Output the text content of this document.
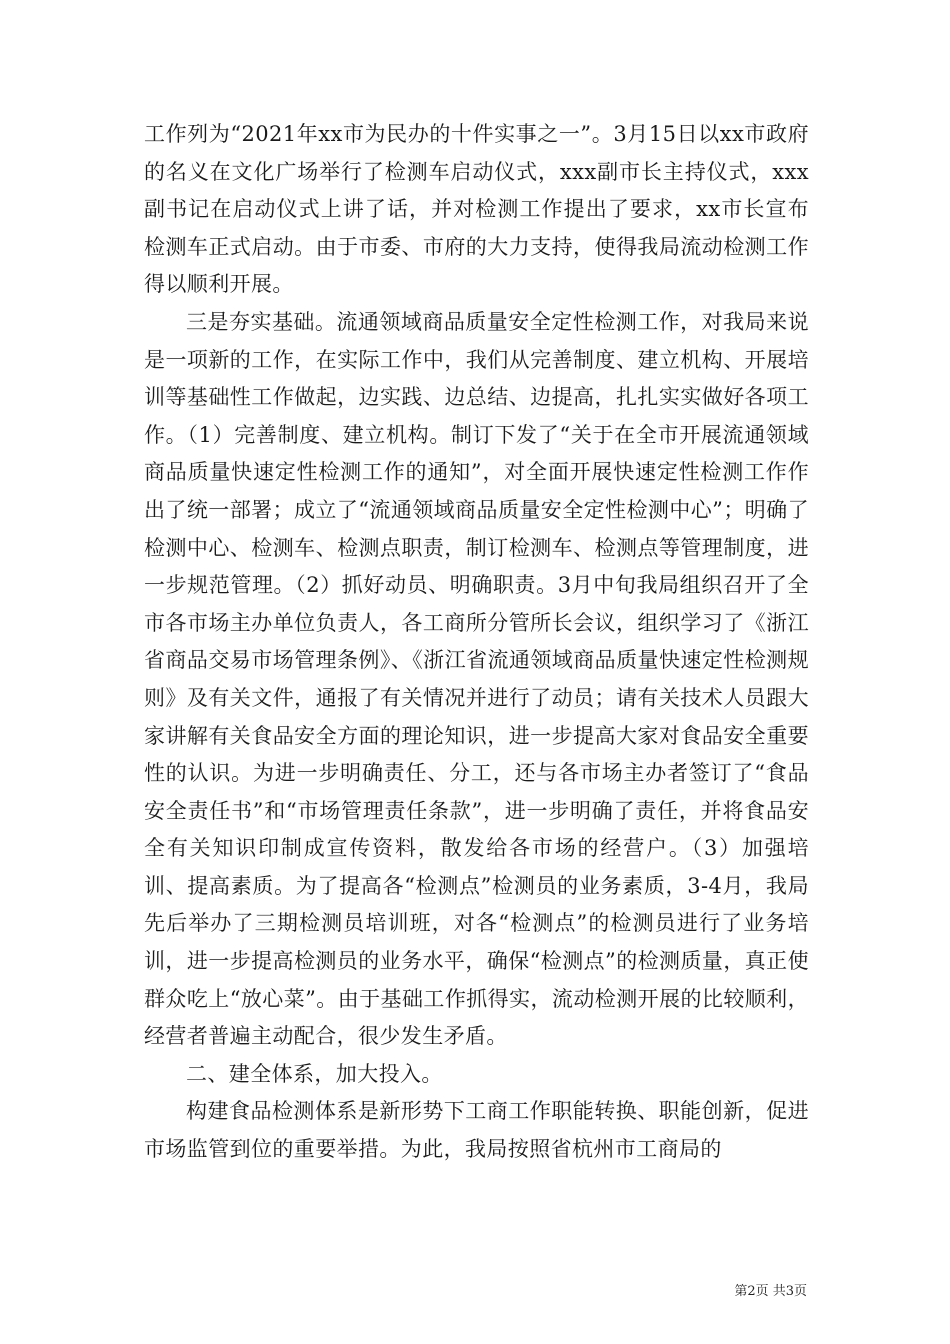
工作列为“2021年xx市为民办的十件实事之一”。3月15日以xx市政府的名义在文化广场举行了检测车启动仪式，xxx副市长主持仪式，xxx副书记在启动仪式上讲了话，并对检测工作提出了要求，xx市长宣布检测车正式启动。由于市委、市府的大力支持，使得我局流动检测工作得以顺利开展。

三是夯实基础。流通领域商品质量安全定性检测工作，对我局来说是一项新的工作，在实际工作中，我们从完善制度、建立机构、开展培训等基础性工作做起，边实践、边总结、边提高，扎扎实实做好各项工作。（1）完善制度、建立机构。制订下发了“关于在全市开展流通领域商品质量快速定性检测工作的通知”，对全面开展快速定性检测工作作出了统一部署；成立了“流通领域商品质量安全定性检测中心”；明确了检测中心、检测车、检测点职责，制订检测车、检测点等管理制度，进一步规范管理。（2）抓好动员、明确职责。3月中旬我局组织召开了全市各市场主办单位负责人，各工商所分管所长会议，组织学习了《浙江省商品交易市场管理条例》、《浙江省流通领域商品质量快速定性检测规则》及有关文件，通报了有关情况并进行了动员；请有关技术人员跟大家讲解有关食品安全方面的理论知识，进一步提高大家对食品安全重要性的认识。为进一步明确责任、分工，还与各市场主办者签订了“食品安全责任书”和“市场管理责任条款”，进一步明确了责任，并将食品安全有关知识印制成宣传资料，散发给各市场的经营户。（3）加强培训、提高素质。为了提高各“检测点”检测员的业务素质，3-4月，我局先后举办了三期检测员培训班，对各“检测点”的检测员进行了业务培训，进一步提高检测员的业务水平，确保“检测点”的检测质量，真正使群众吃上“放心菜”。由于基础工作抓得实，流动检测开展的比较顺利，经营者普遍主动配合，很少发生矛盾。

二、建全体系，加大投入。

构建食品检测体系是新形势下工商工作职能转换、职能创新，促进市场监管到位的重要举措。为此，我局按照省杭州市工商局的

第2页 共3页
